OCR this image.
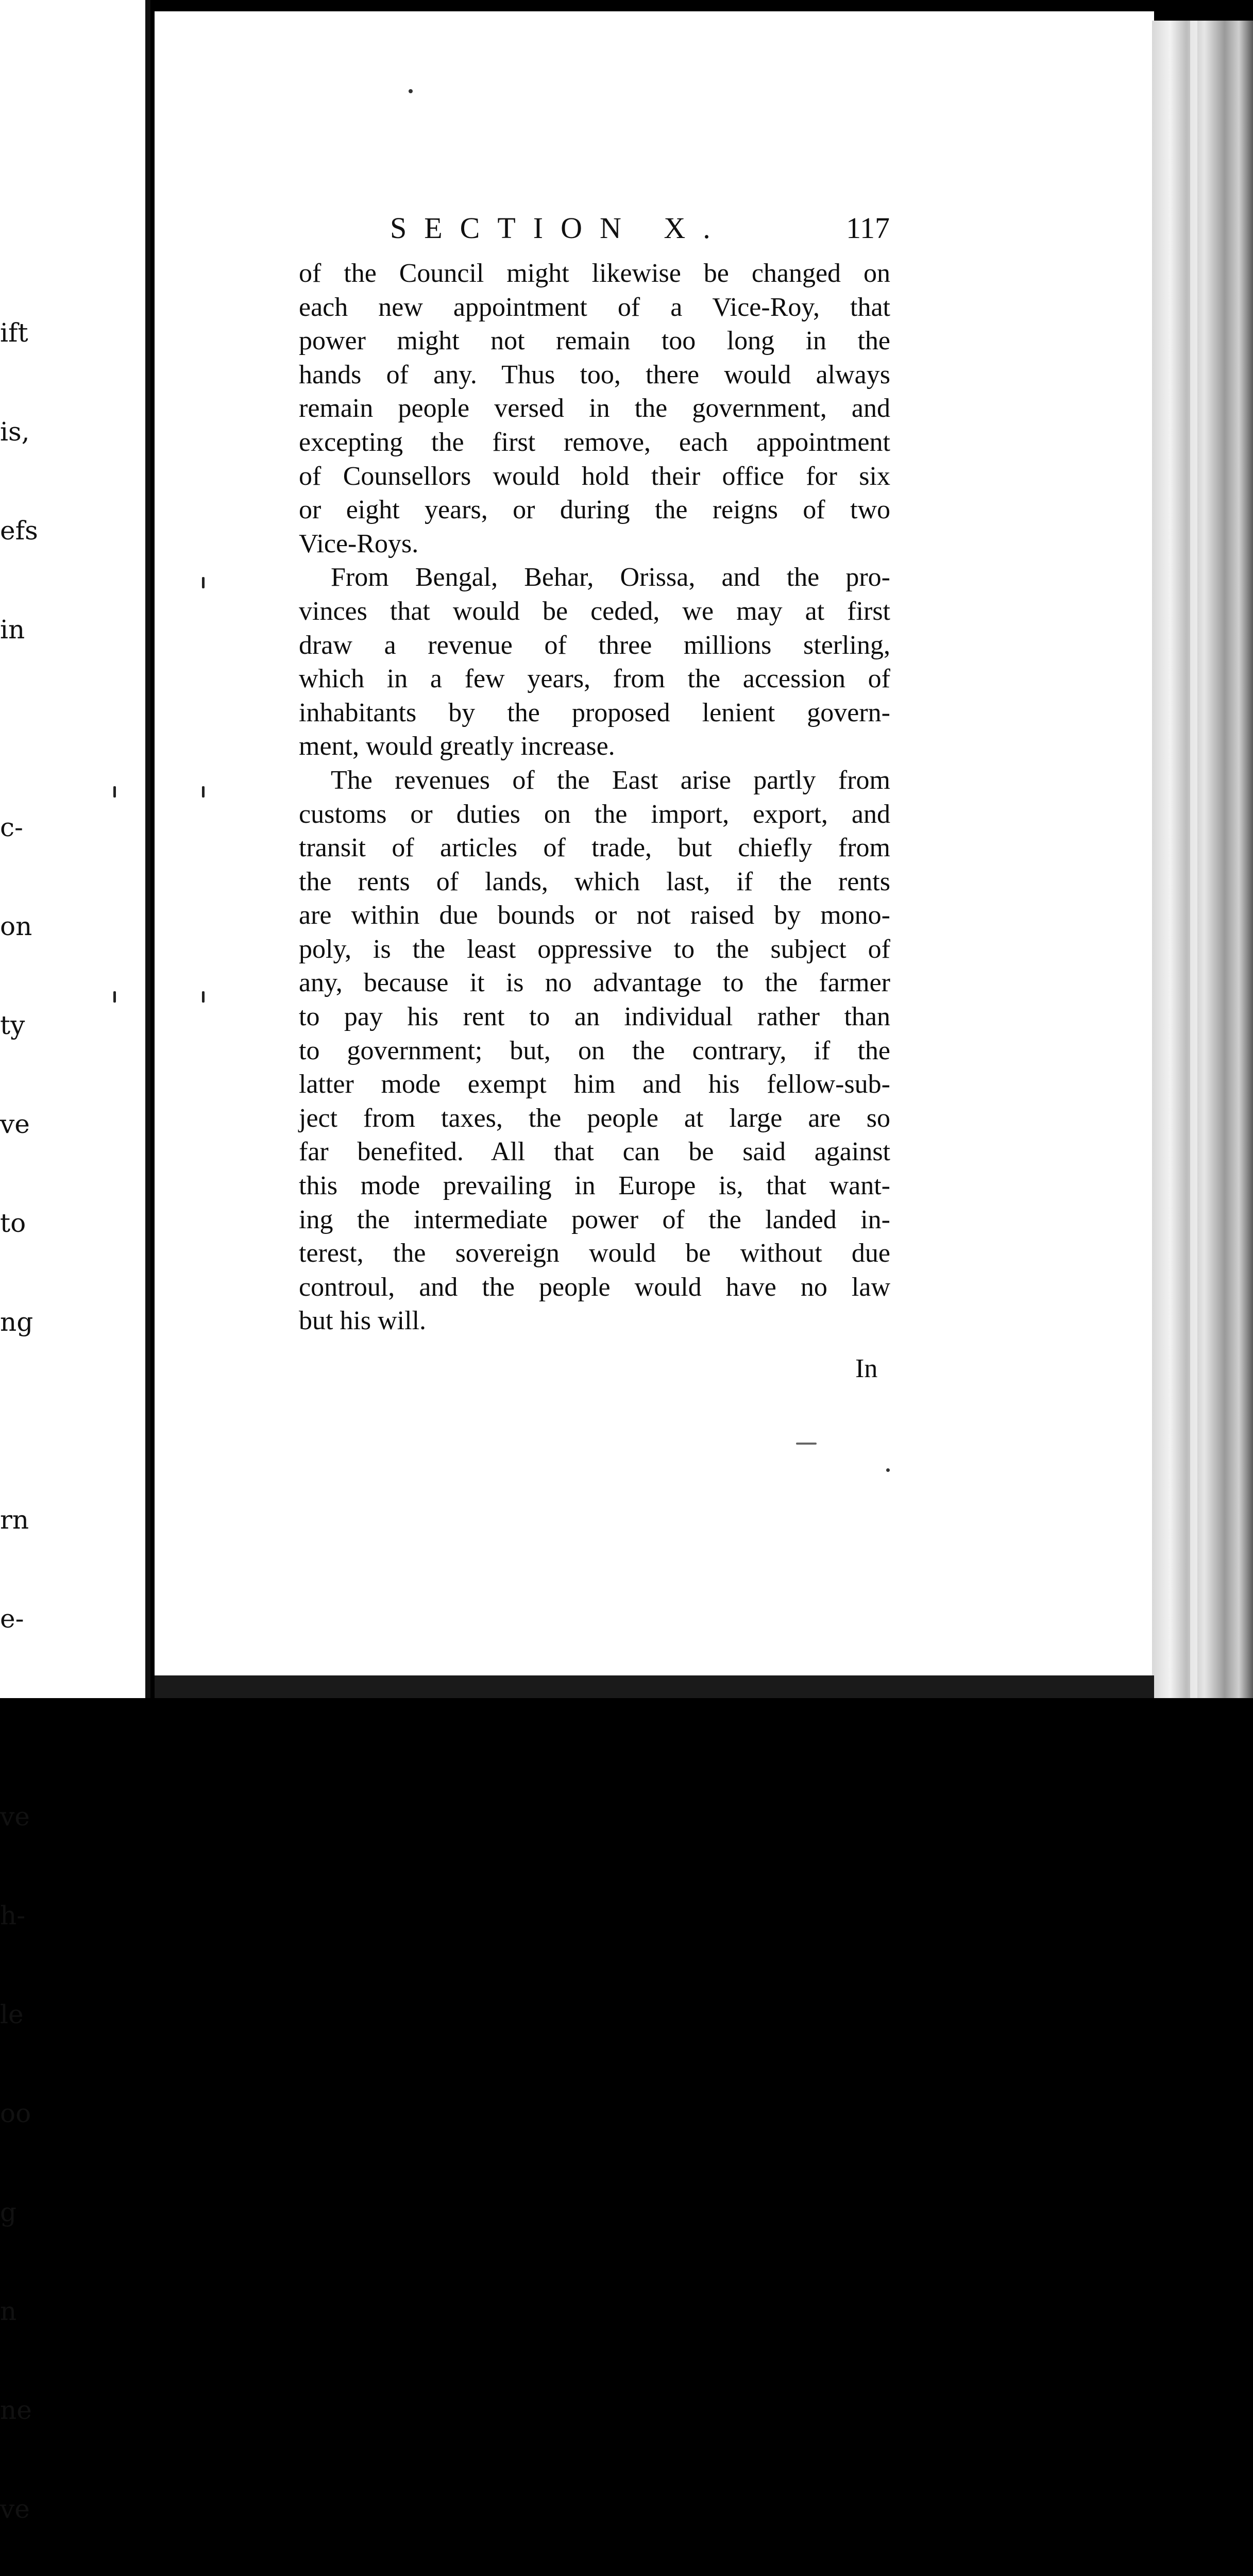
ift

is,

efs

in

c-

on

ty

ve

to

ng

rn

e-

ve

h-

le

oo

g

n

ne

ve

SECTION X.	117
of the Council might likewise be changed on
each new appointment of a Vice-Roy, that
power might not remain too long in the
hands of any. Thus too, there would always
remain people versed in the government, and
excepting the first remove, each appointment
of Counsellors would hold their office for six
or eight years, or during the reigns of two
Vice-Roys.
From Bengal, Behar, Orissa, and the pro-
vinces that would be ceded, we may at first
draw a revenue of three millions sterling,
which in a few years, from the accession of
inhabitants by the proposed lenient govern-
ment, would greatly increase.
The revenues of the East arise partly from
customs or duties on the import, export, and
transit of articles of trade, but chiefly from
the rents of lands, which last, if the rents
are within due bounds or not raised by mono-
poly, is the least oppressive to the subject of
any, because it is no advantage to the farmer
to pay his rent to an individual rather than
to government; but, on the contrary, if the
latter mode exempt him and his fellow-sub-
ject from taxes, the people at large are so
far benefited. All that can be said against
this mode prevailing in Europe is, that want-
ing the intermediate power of the landed in-
terest, the sovereign would be without due
controul, and the people would have no law
but his will.
In
